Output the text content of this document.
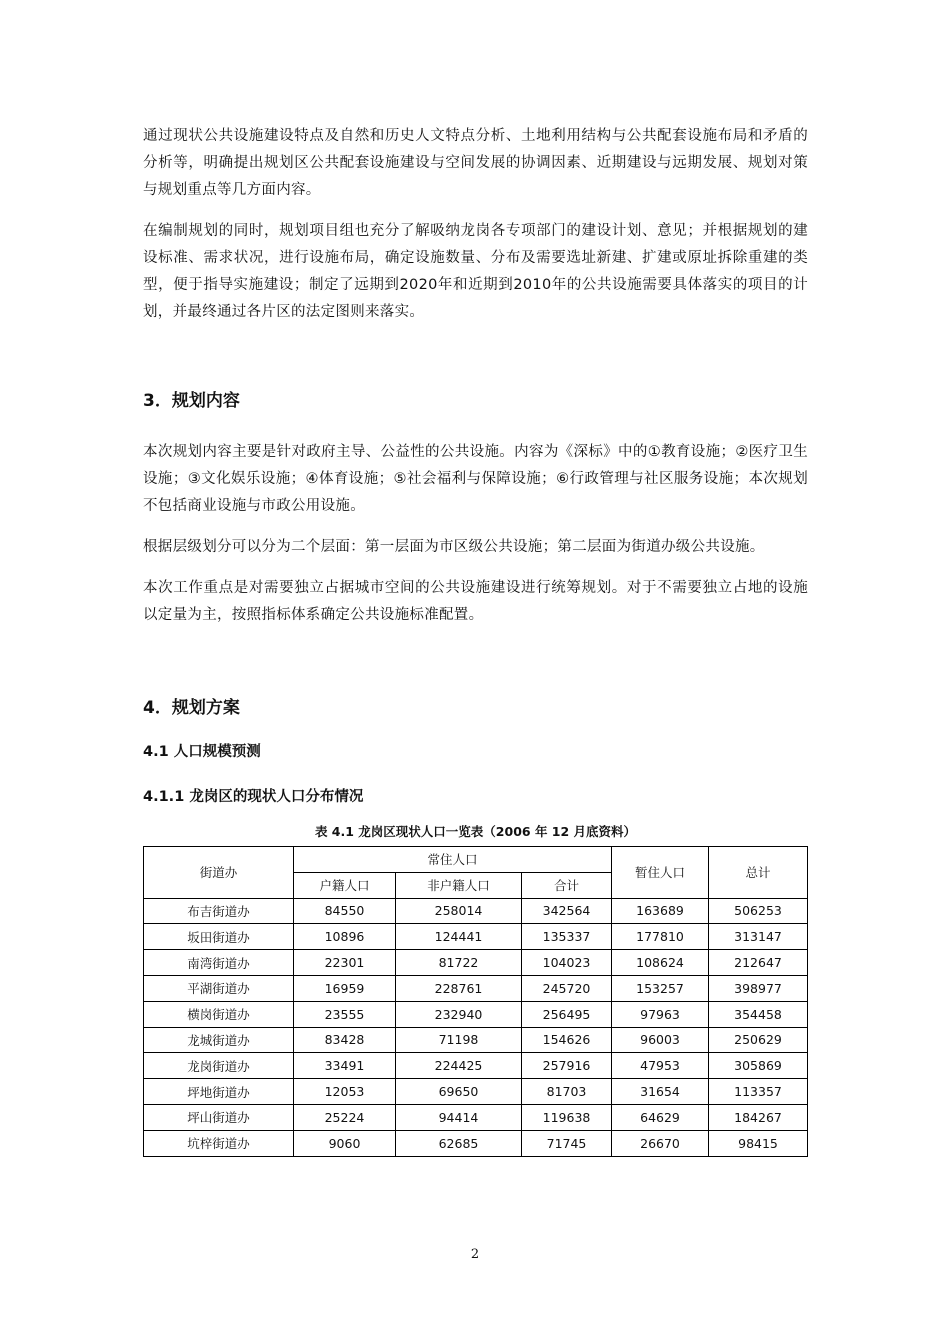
通过现状公共设施建设特点及自然和历史人文特点分析、土地利用结构与公共配套设施布局和矛盾的分析等，明确提出规划区公共配套设施建设与空间发展的协调因素、近期建设与远期发展、规划对策与规划重点等几方面内容。

在编制规划的同时，规划项目组也充分了解吸纳龙岗各专项部门的建设计划、意见；并根据规划的建设标准、需求状况，进行设施布局，确定设施数量、分布及需要选址新建、扩建或原址拆除重建的类型，便于指导实施建设；制定了远期到2020年和近期到2010年的公共设施需要具体落实的项目的计划，并最终通过各片区的法定图则来落实。

3．规划内容

本次规划内容主要是针对政府主导、公益性的公共设施。内容为《深标》中的①教育设施；②医疗卫生设施；③文化娱乐设施；④体育设施；⑤社会福利与保障设施；⑥行政管理与社区服务设施；本次规划不包括商业设施与市政公用设施。

根据层级划分可以分为二个层面：第一层面为市区级公共设施；第二层面为街道办级公共设施。

本次工作重点是对需要独立占据城市空间的公共设施建设进行统筹规划。对于不需要独立占地的设施以定量为主，按照指标体系确定公共设施标准配置。

4．规划方案
4.1 人口规模预测
4.1.1 龙岗区的现状人口分布情况

表 4.1 龙岗区现状人口一览表（2006 年 12 月底资料）

街道办	常住人口			暂住人口	总计
	户籍人口	非户籍人口	合计		
布吉街道办	84550	258014	342564	163689	506253
坂田街道办	10896	124441	135337	177810	313147
南湾街道办	22301	81722	104023	108624	212647
平湖街道办	16959	228761	245720	153257	398977
横岗街道办	23555	232940	256495	97963	354458
龙城街道办	83428	71198	154626	96003	250629
龙岗街道办	33491	224425	257916	47953	305869
坪地街道办	12053	69650	81703	31654	113357
坪山街道办	25224	94414	119638	64629	184267
坑梓街道办	9060	62685	71745	26670	98415
2
